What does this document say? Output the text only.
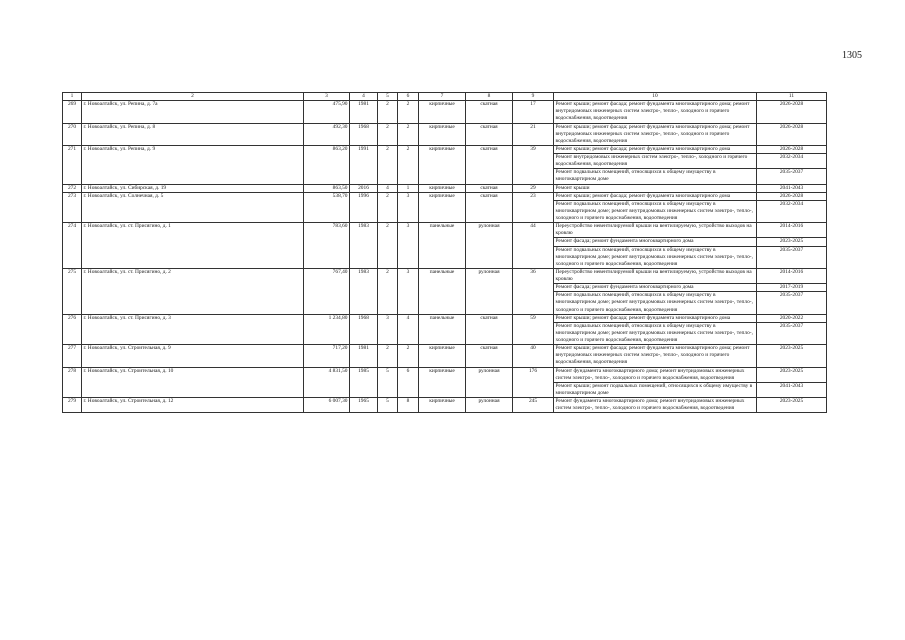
1305
1	2	3	4	5	6	7	8	9	10	11
269	г. Новоалтайск, ул. Репина, д. 7а	475,90	1981	2	2	кирпичные	скатная	17	Ремонт крыши; ремонт фасада; ремонт фундамента многоквартирного дома; ремонт внутридомовых инженерных систем электро-, тепло-, холодного и горячего водоснабжения, водоотведения	2026-2028
270	г. Новоалтайск, ул. Репина, д. 8	492,30	1968	2	2	кирпичные	скатная	21	Ремонт крыши; ремонт фасада; ремонт фундамента многоквартирного дома; ремонт внутридомовых инженерных систем электро-, тепло-, холодного и горячего водоснабжения, водоотведения	2026-2028
271	г. Новоалтайск, ул. Репина, д. 9	863,20	1991	2	2	кирпичные	скатная	39	Ремонт крыши; ремонт фасада; ремонт фундамента многоквартирного дома	2026-2028
									Ремонт внутридомовых инженерных систем электро-, тепло-, холодного и горячего водоснабжения, водоотведения	2032-2034
									Ремонт подвальных помещений, относящихся к общему имуществу в многоквартирном доме	2035-2037
272	г. Новоалтайск, ул. Сибирская, д. 19	863,50	2016	4	1	кирпичные	скатная	29	Ремонт крыши	2041-2043
273	г. Новоалтайск, ул. Солнечная, д. 5	538,70	1996	2	3	кирпичные	скатная	23	Ремонт крыши; ремонт фасада; ремонт фундамента многоквартирного дома	2026-2028
									Ремонт подвальных помещений, относящихся к общему имуществу в многоквартирном доме; ремонт внутридомовых инженерных систем электро-, тепло-, холодного и горячего водоснабжения, водоотведения	2032-2034
274	г. Новоалтайск, ул. ст. Присягино, д. 1	783,60	1983	2	3	панельные	рулонная	44	Переустройство невентилируемой крыши на вентилируемую, устройство выходов на кровлю	2014-2016
									Ремонт фасада; ремонт фундамента многоквартирного дома	2023-2025
									Ремонт подвальных помещений, относящихся к общему имуществу в многоквартирном доме; ремонт внутридомовых инженерных систем электро-, тепло-, холодного и горячего водоснабжения, водоотведения	2035-2037
275	г. Новоалтайск, ул. ст. Присягино, д. 2	767,40	1983	2	3	панельные	рулонная	36	Переустройство невентилируемой крыши на вентилируемую, устройство выходов на кровлю	2014-2016
									Ремонт фасада; ремонт фундамента многоквартирного дома	2017-2019
									Ремонт подвальных помещений, относящихся к общему имуществу в многоквартирном доме; ремонт внутридомовых инженерных систем электро-, тепло-, холодного и горячего водоснабжения, водоотведения	2035-2037
276	г. Новоалтайск, ул. ст. Присягино, д. 3	1 234,80	1968	3	4	панельные	скатная	59	Ремонт крыши; ремонт фасада; ремонт фундамента многоквартирного дома	2020-2022
									Ремонт подвальных помещений, относящихся к общему имуществу в многоквартирном доме; ремонт внутридомовых инженерных систем электро-, тепло-, холодного и горячего водоснабжения, водоотведения	2035-2037
277	г. Новоалтайск, ул. Строительная, д. 9	717,20	1981	2	2	кирпичные	скатная	40	Ремонт крыши; ремонт фасада; ремонт фундамента многоквартирного дома; ремонт внутридомовых инженерных систем электро-, тепло-, холодного и горячего водоснабжения, водоотведения	2023-2025
278	г. Новоалтайск, ул. Строительная, д. 10	4 831,50	1985	5	6	кирпичные	рулонная	176	Ремонт фундамента многоквартирного дома; ремонт внутридомовых инженерных систем электро-, тепло-, холодного и горячего водоснабжения, водоотведения	2023-2025
									Ремонт крыши; ремонт подвальных помещений, относящихся к общему имуществу в многоквартирном доме	2041-2043
279	г. Новоалтайск, ул. Строительная, д. 12	6 007,30	1965	5	8	кирпичные	рулонная	245	Ремонт фундамента многоквартирного дома; ремонт внутридомовых инженерных систем электро-, тепло-, холодного и горячего водоснабжения, водоотведения	2023-2025
